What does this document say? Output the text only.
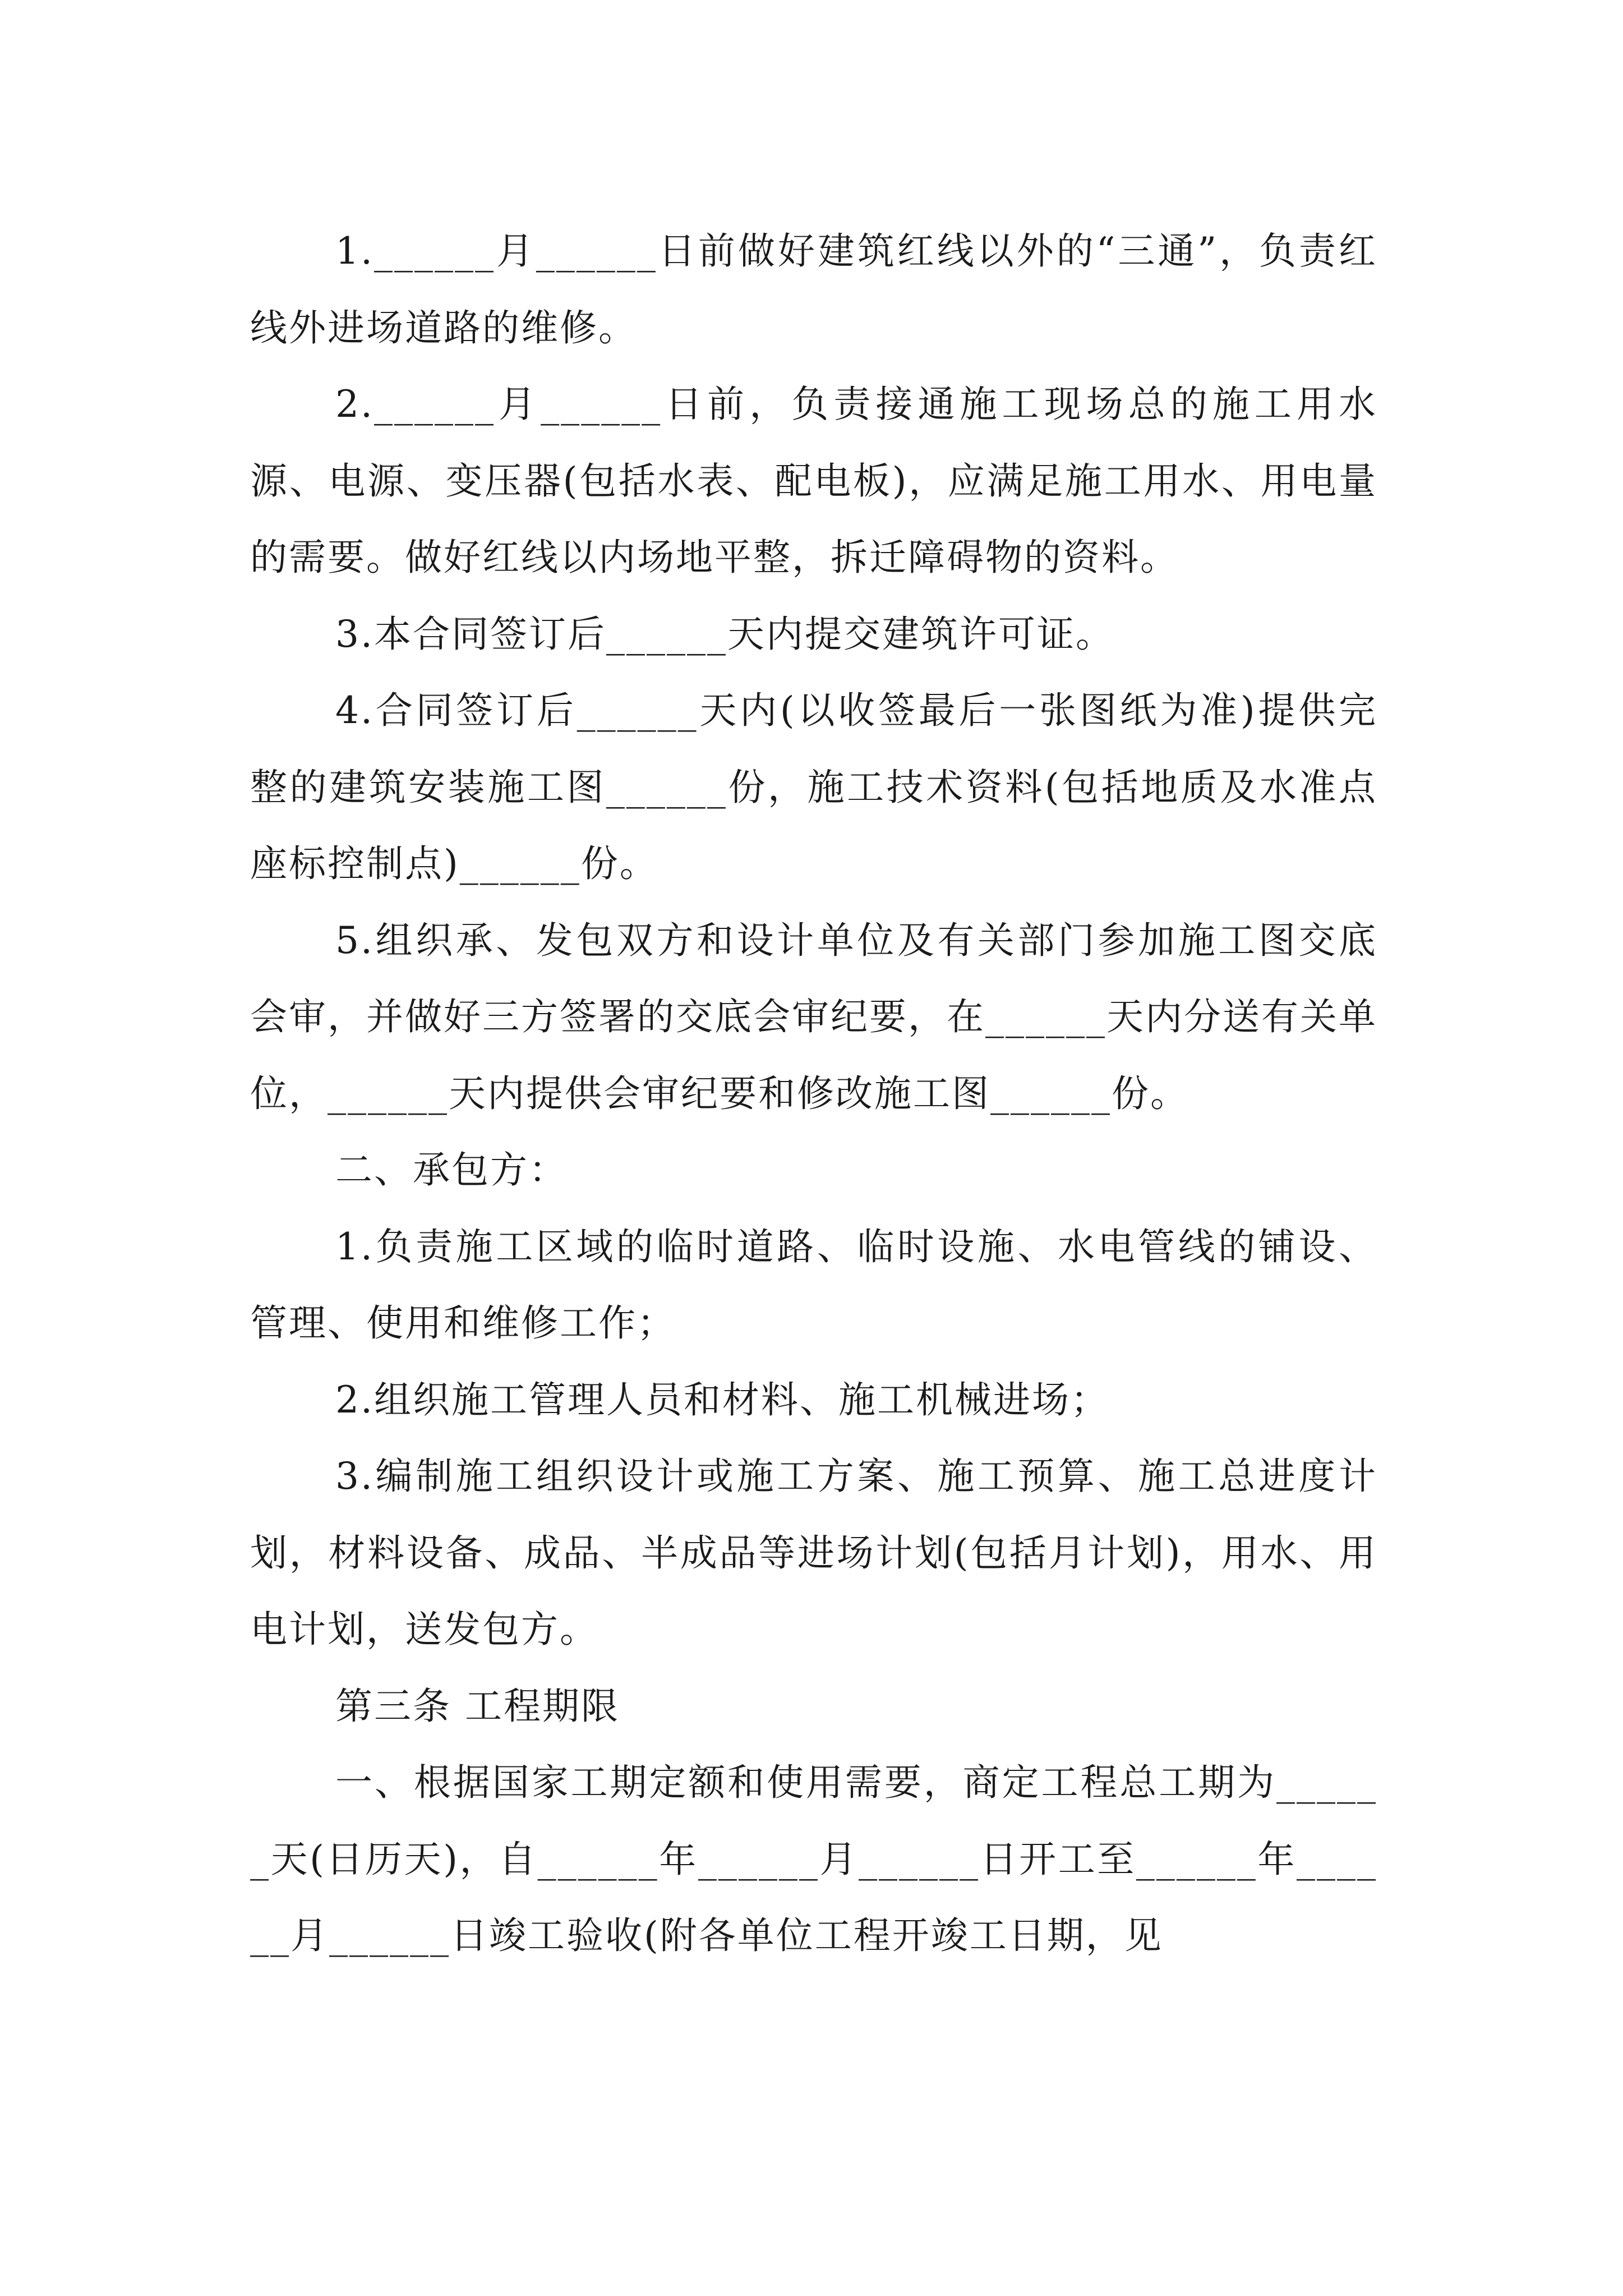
1.______月______日前做好建筑红线以外的“三通”，负责红线外进场道路的维修。

2.______月______日前，负责接通施工现场总的施工用水源、电源、变压器(包括水表、配电板)，应满足施工用水、用电量的需要。做好红线以内场地平整，拆迁障碍物的资料。

3.本合同签订后______天内提交建筑许可证。

4.合同签订后______天内(以收签最后一张图纸为准)提供完整的建筑安装施工图______份，施工技术资料(包括地质及水准点座标控制点)______份。

5.组织承、发包双方和设计单位及有关部门参加施工图交底会审，并做好三方签署的交底会审纪要，在______天内分送有关单位，______天内提供会审纪要和修改施工图______份。

二、承包方：

1.负责施工区域的临时道路、临时设施、水电管线的铺设、管理、使用和维修工作；

2.组织施工管理人员和材料、施工机械进场；

3.编制施工组织设计或施工方案、施工预算、施工总进度计划，材料设备、成品、半成品等进场计划(包括月计划)，用水、用电计划，送发包方。

第三条 工程期限

一、根据国家工期定额和使用需要，商定工程总工期为______天(日历天)，自______年______月______日开工至______年______月______日竣工验收(附各单位工程开竣工日期，见
